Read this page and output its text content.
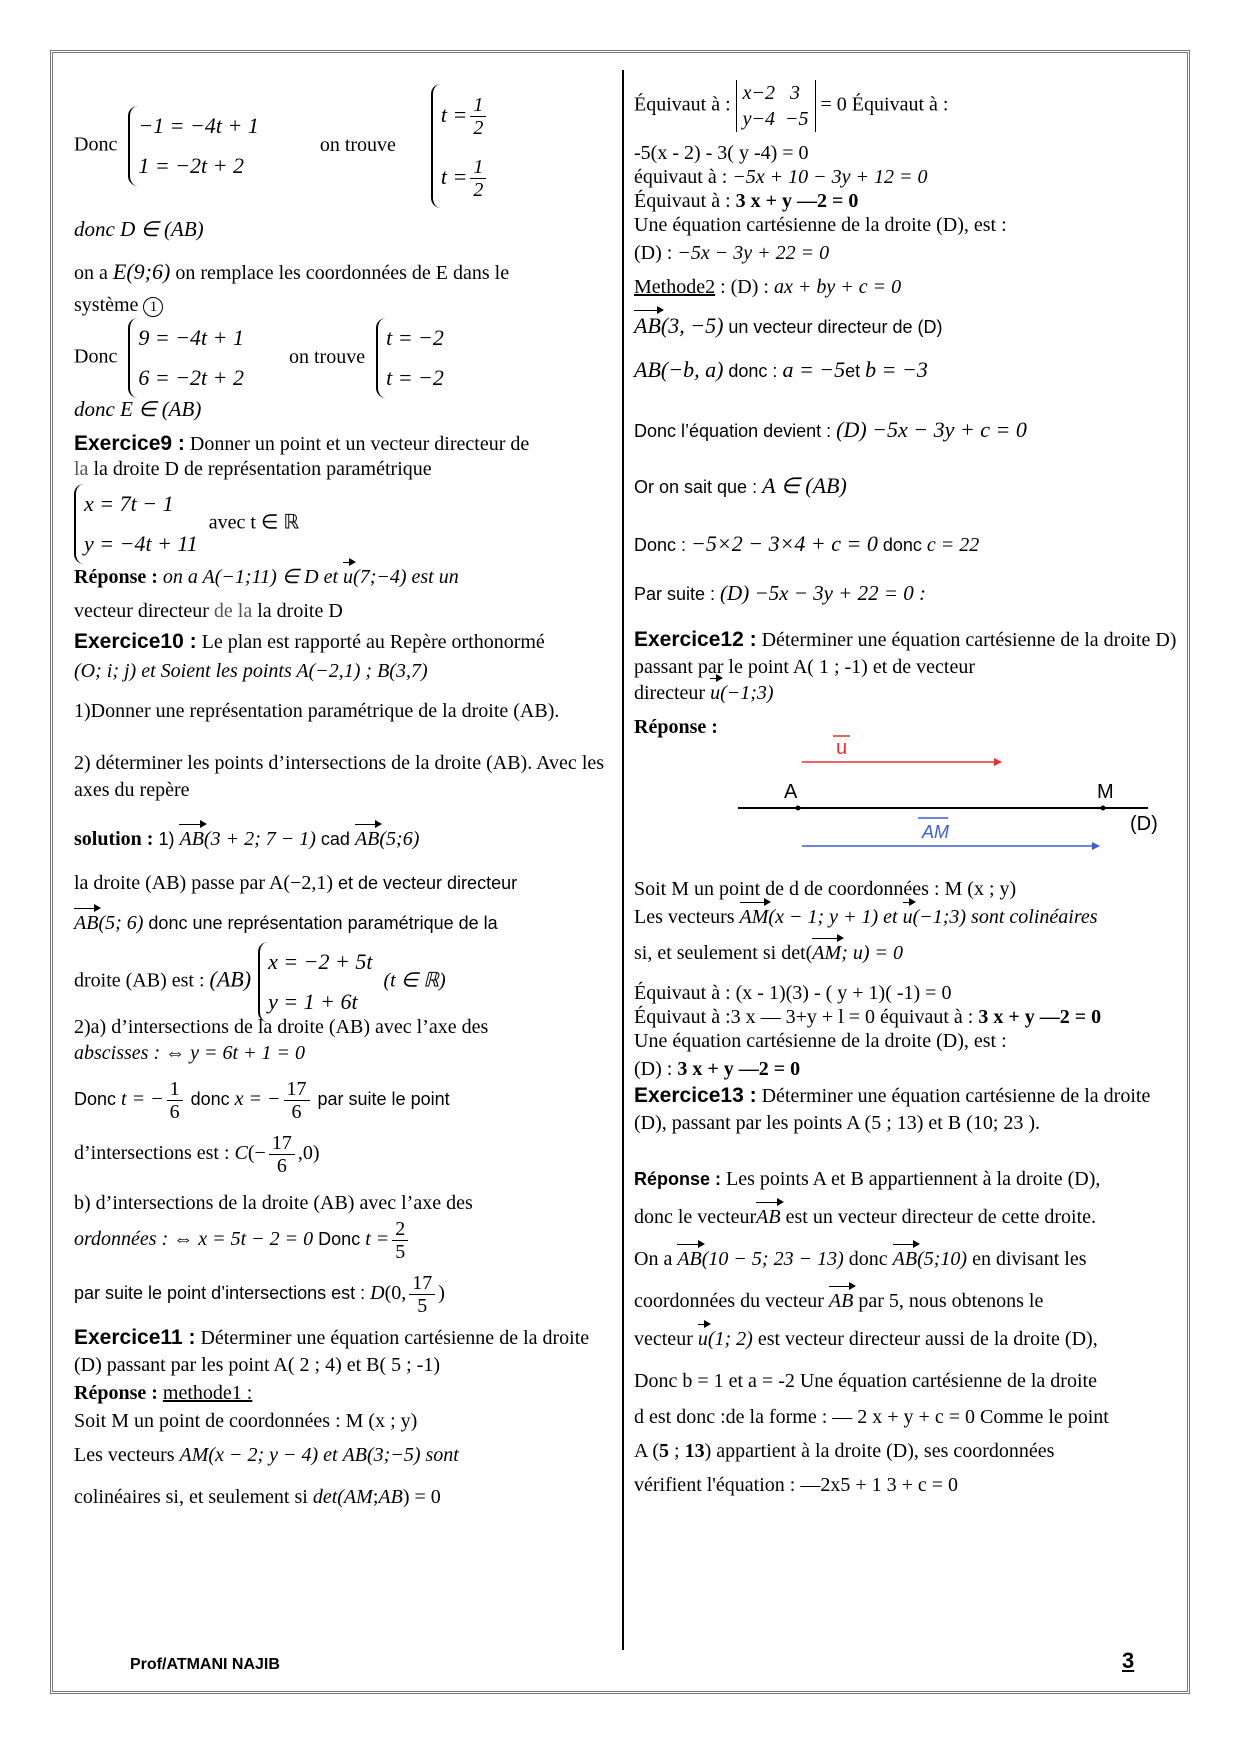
Donc −1 = −4t + 1
1 = −2t + 2 on trouve $t = \frac{1}{2}$

$t = \frac{1}{2}$
donc D ∈ (AB)
on a E(9;6) on remplace les coordonnées de E dans le
système 1
Donc 9 = −4t + 1
6 = −2t + 2 on trouve t = −2
t = −2
donc E ∈ (AB)
Exercice9 : Donner un point et un vecteur directeur de
la la droite D de représentation paramétrique
x = 7t − 1
y = −4t + 11 avec t ∈ ℝ
Réponse : on a A(−1;11) ∈ D et u(7;−4) est un
vecteur directeur de la la droite D
Exercice10 : Le plan est rapporté au Repère orthonormé
(O; i; j) et Soient les points A(−2,1) ; B(3,7)
1)Donner une représentation paramétrique de la droite (AB).
2) déterminer les points d’intersections de la droite (AB). Avec les axes du repère
solution : 1) AB(3 + 2; 7 − 1) cad AB(5;6)
la droite (AB) passe par A(−2,1) et de vecteur directeur
AB(5; 6) donc une représentation paramétrique de la
droite (AB) est : (AB) x = −2 + 5t
y = 1 + 6t (t ∈ ℝ)
2)a) d’intersections de la droite (AB) avec l’axe des
abscisses : ⇔ y = 6t + 1 = 0
Donc t = − $\frac{1}{6}$ donc x = − $\frac{17}{6}$ par suite le point
d’intersections est : $C(- \frac{17}{6} ,0)$
b) d’intersections de la droite (AB) avec l’axe des
ordonnées : ⇔ x = 5t − 2 = 0 Donc $t = \frac{2}{5}$
par suite le point d’intersections est : D(0, $\frac{17}{5}$ )
Exercice11 : Déterminer une équation cartésienne de la droite (D) passant par les point A( 2 ; 4) et B( 5 ; -1)
Réponse : methode1 :
Soit M un point de coordonnées : M (x ; y)
Les vecteurs AM(x − 2; y − 4) et AB(3;−5) sont
colinéaires si, et seulement si det(AM;AB) = 0
Équivaut à : x−2 3
y−4 −5 = 0 Équivaut à :
-5(x - 2) - 3( y -4) = 0
équivaut à : −5x + 10 − 3y + 12 = 0
Équivaut à : 3 x + y —2 = 0
Une équation cartésienne de la droite (D), est :
(D) : −5x − 3y + 22 = 0
Methode2 : (D) : ax + by + c = 0
AB(3, −5) un vecteur directeur de (D)
AB(−b, a) donc : a = −5et b = −3
Donc l’équation devient : (D) −5x − 3y + c = 0
Or on sait que : A ∈ (AB)
Donc : −5×2 − 3×4 + c = 0 donc c = 22
Par suite : (D) −5x − 3y + 22 = 0 :
Exercice12 : Déterminer une équation cartésienne de la droite D) passant par le point A( 1 ; -1) et de vecteur
directeur u(−1;3)
Réponse :
u
A	M
(D)
AM
Soit M un point de d de coordonnées : M (x ; y)
Les vecteurs AM(x − 1; y + 1) et u(−1;3) sont colinéaires
si, et seulement si det(AM; u) = 0
Équivaut à : (x - 1)(3) - ( y + 1)( -1) = 0
Équivaut à :3 x — 3+y + l = 0 équivaut à : 3 x + y —2 = 0
Une équation cartésienne de la droite (D), est :
(D) : 3 x + y —2 = 0
Exercice13 : Déterminer une équation cartésienne de la droite (D), passant par les points A (5 ; 13) et B (10; 23 ).
Réponse : Les points A et B appartiennent à la droite (D),
donc le vecteurAB est un vecteur directeur de cette droite.
On a AB(10 − 5; 23 − 13) donc AB(5;10) en divisant les
coordonnées du vecteur AB par 5, nous obtenons le
vecteur u(1; 2) est vecteur directeur aussi de la droite (D),
Donc b = 1 et a = -2 Une équation cartésienne de la droite
d est donc :de la forme : — 2 x + y + c = 0 Comme le point
A (5 ; 13) appartient à la droite (D), ses coordonnées
vérifient l'équation : —2x5 + 1 3 + c = 0
Prof/ATMANI NAJIB	3
